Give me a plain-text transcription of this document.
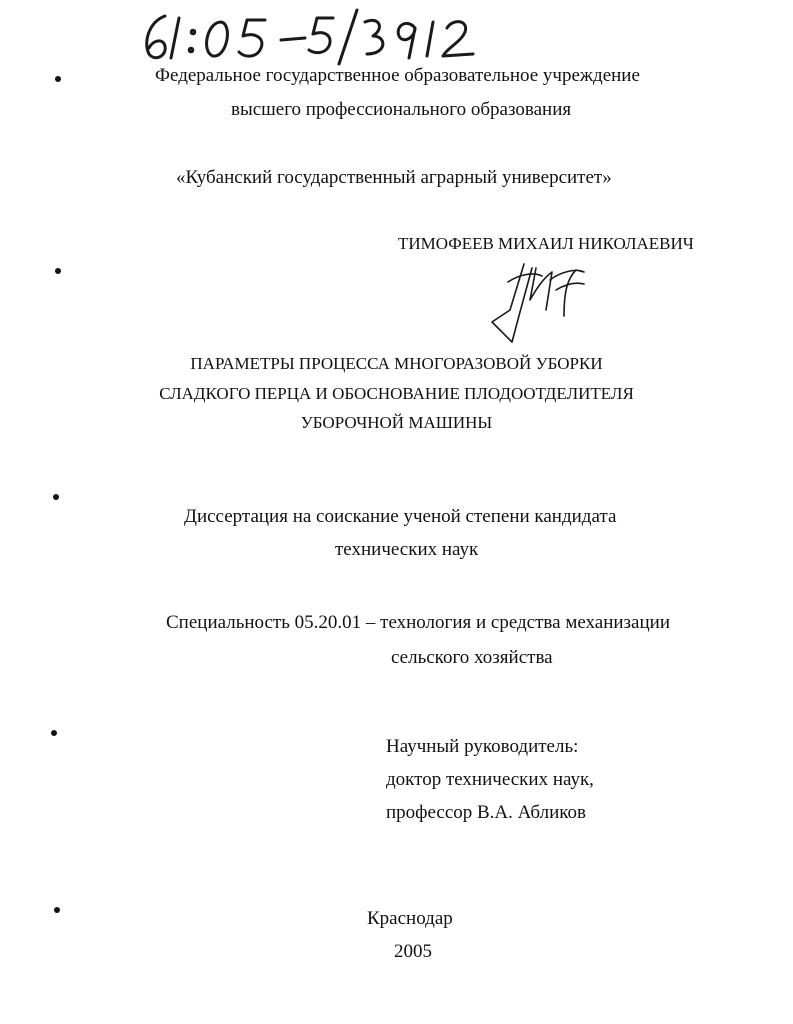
Федеральное государственное образовательное учреждение
высшего профессионального образования
«Кубанский государственный аграрный университет»
ТИМОФЕЕВ МИХАИЛ НИКОЛАЕВИЧ
ПАРАМЕТРЫ ПРОЦЕССА МНОГОРАЗОВОЙ УБОРКИ
СЛАДКОГО ПЕРЦА И ОБОСНОВАНИЕ ПЛОДООТДЕЛИТЕЛЯ
УБОРОЧНОЙ МАШИНЫ
Диссертация на соискание ученой степени кандидата
технических наук
Специальность 05.20.01 – технология и средства механизации
сельского хозяйства
Научный руководитель:
доктор технических наук,
профессор В.А. Абликов
Краснодар
2005
